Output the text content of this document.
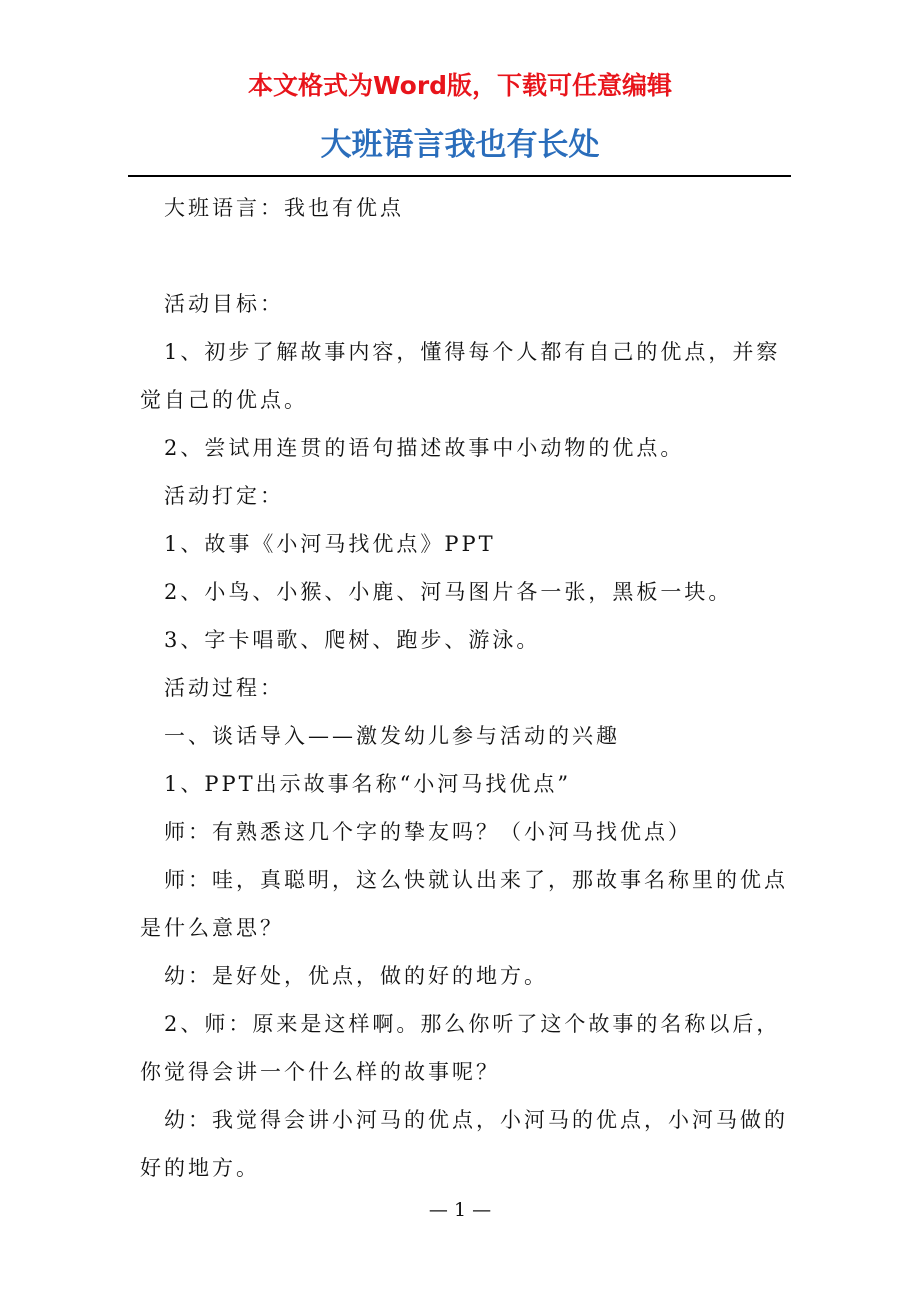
本文格式为Word版，下载可任意编辑
大班语言我也有长处

大班语言：我也有优点

活动目标：

1、初步了解故事内容，懂得每个人都有自己的优点，并察觉自己的优点。

2、尝试用连贯的语句描述故事中小动物的优点。

活动打定：

1、故事《小河马找优点》PPT

2、小鸟、小猴、小鹿、河马图片各一张，黑板一块。

3、字卡唱歌、爬树、跑步、游泳。

活动过程：

一、谈话导入——激发幼儿参与活动的兴趣

1、PPT出示故事名称“小河马找优点”

师：有熟悉这几个字的挚友吗？（小河马找优点）

师：哇，真聪明，这么快就认出来了，那故事名称里的优点是什么意思？

幼：是好处，优点，做的好的地方。

2、师：原来是这样啊。那么你听了这个故事的名称以后，你觉得会讲一个什么样的故事呢？

幼：我觉得会讲小河马的优点，小河马的优点，小河马做的好的地方。

— 1 —
